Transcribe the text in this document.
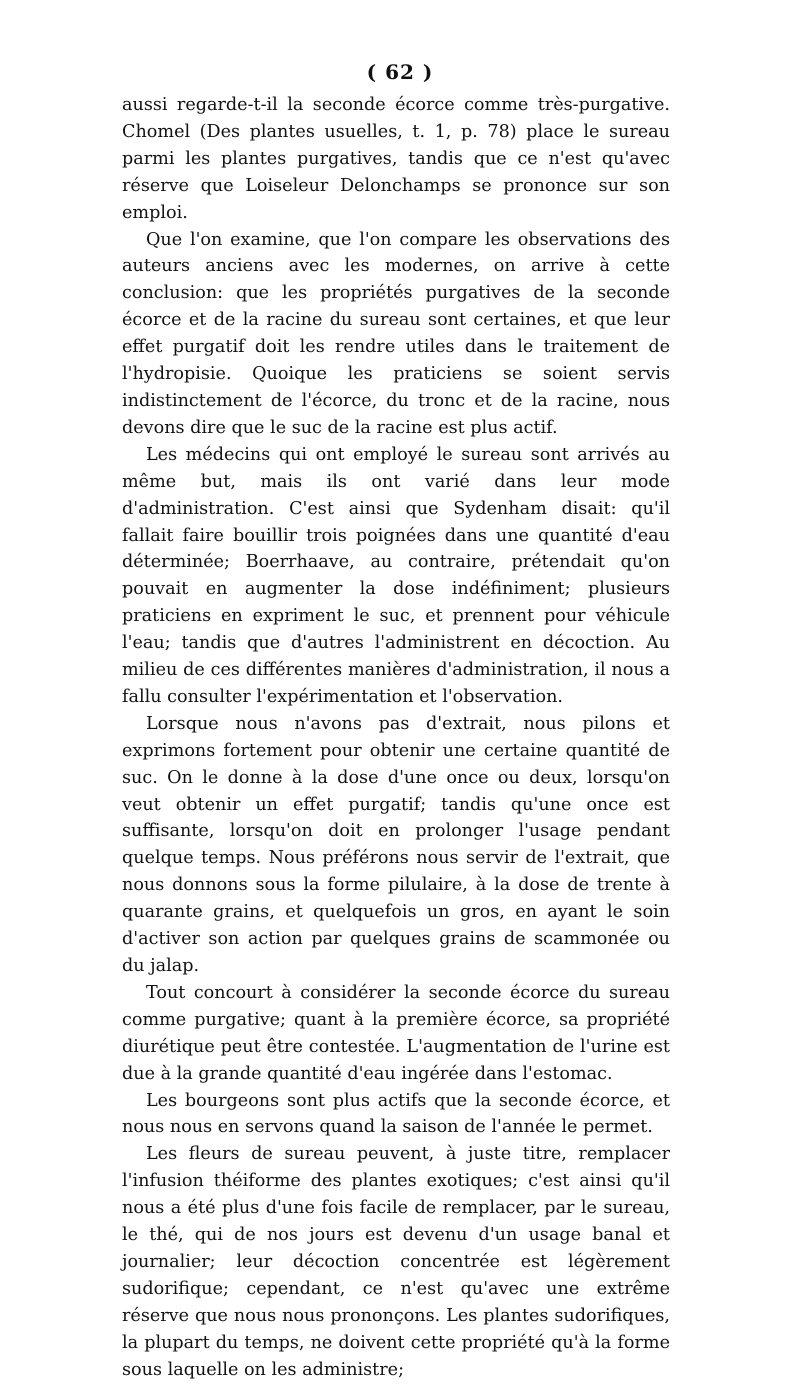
( 62 )

aussi regarde-t-il la seconde écorce comme très-purgative. Chomel (Des plantes usuelles, t. 1, p. 78) place le sureau parmi les plantes purgatives, tandis que ce n'est qu'avec réserve que Loiseleur Delonchamps se prononce sur son emploi.

Que l'on examine, que l'on compare les observations des auteurs anciens avec les modernes, on arrive à cette conclusion: que les propriétés purgatives de la seconde écorce et de la racine du sureau sont certaines, et que leur effet purgatif doit les rendre utiles dans le traitement de l'hydropisie. Quoique les praticiens se soient servis indistinctement de l'écorce, du tronc et de la racine, nous devons dire que le suc de la racine est plus actif.

Les médecins qui ont employé le sureau sont arrivés au même but, mais ils ont varié dans leur mode d'administration. C'est ainsi que Sydenham disait: qu'il fallait faire bouillir trois poignées dans une quantité d'eau déterminée; Boerrhaave, au contraire, prétendait qu'on pouvait en augmenter la dose indéfiniment; plusieurs praticiens en expriment le suc, et prennent pour véhicule l'eau; tandis que d'autres l'administrent en décoction. Au milieu de ces différentes manières d'administration, il nous a fallu consulter l'expérimentation et l'observation.

Lorsque nous n'avons pas d'extrait, nous pilons et exprimons fortement pour obtenir une certaine quantité de suc. On le donne à la dose d'une once ou deux, lorsqu'on veut obtenir un effet purgatif; tandis qu'une once est suffisante, lorsqu'on doit en prolonger l'usage pendant quelque temps. Nous préférons nous servir de l'extrait, que nous donnons sous la forme pilulaire, à la dose de trente à quarante grains, et quelquefois un gros, en ayant le soin d'activer son action par quelques grains de scammonée ou du jalap.

Tout concourt à considérer la seconde écorce du sureau comme purgative; quant à la première écorce, sa propriété diurétique peut être contestée. L'augmentation de l'urine est due à la grande quantité d'eau ingérée dans l'estomac.

Les bourgeons sont plus actifs que la seconde écorce, et nous nous en servons quand la saison de l'année le permet.

Les fleurs de sureau peuvent, à juste titre, remplacer l'infusion théiforme des plantes exotiques; c'est ainsi qu'il nous a été plus d'une fois facile de remplacer, par le sureau, le thé, qui de nos jours est devenu d'un usage banal et journalier; leur décoction concentrée est légèrement sudorifique; cependant, ce n'est qu'avec une extrême réserve que nous nous prononçons. Les plantes sudorifiques, la plupart du temps, ne doivent cette propriété qu'à la forme sous laquelle on les administre;
